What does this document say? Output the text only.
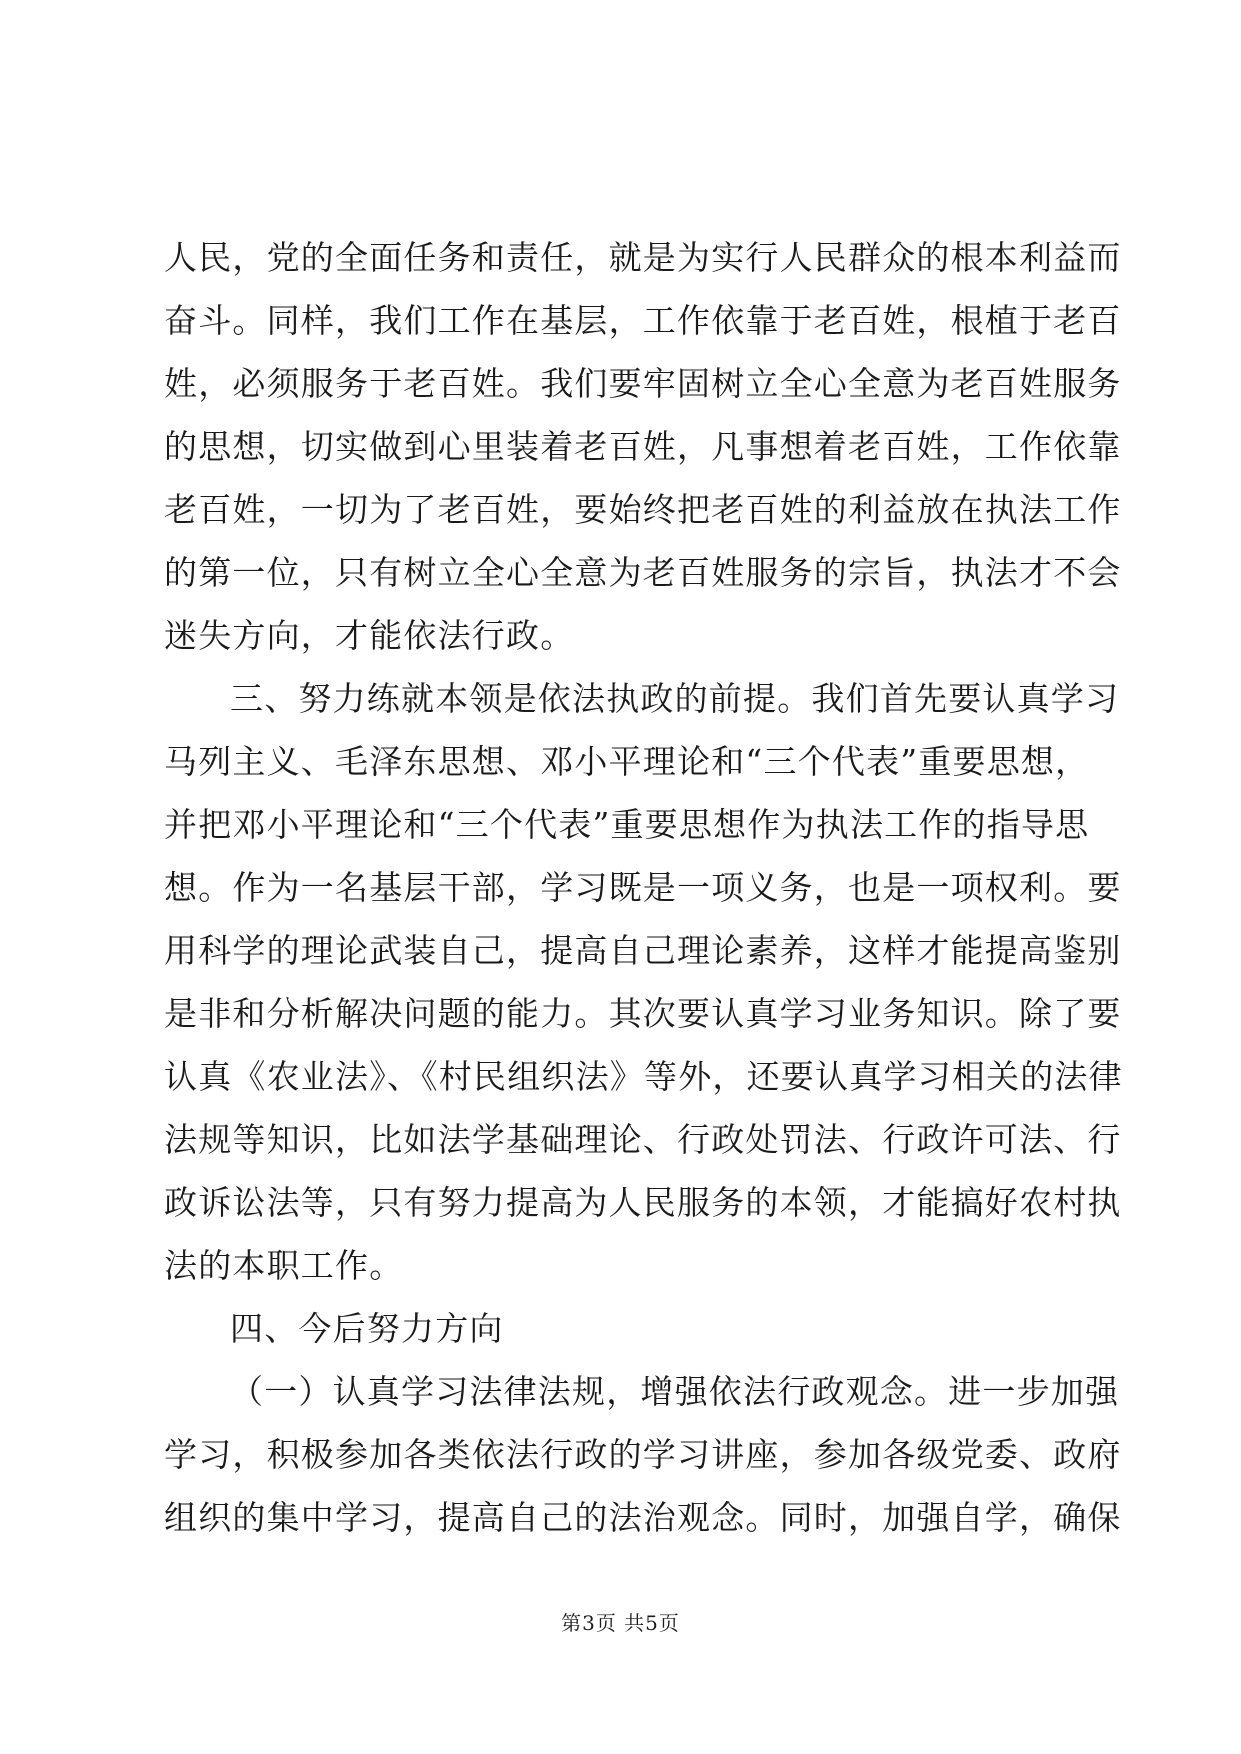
人民，党的全面任务和责任，就是为实行人民群众的根本利益而
奋斗。同样，我们工作在基层，工作依靠于老百姓，根植于老百
姓，必须服务于老百姓。我们要牢固树立全心全意为老百姓服务
的思想，切实做到心里装着老百姓，凡事想着老百姓，工作依靠
老百姓，一切为了老百姓，要始终把老百姓的利益放在执法工作
的第一位，只有树立全心全意为老百姓服务的宗旨，执法才不会
迷失方向，才能依法行政。
三、努力练就本领是依法执政的前提。我们首先要认真学习
马列主义、毛泽东思想、邓小平理论和“三个代表”重要思想，
并把邓小平理论和“三个代表”重要思想作为执法工作的指导思
想。作为一名基层干部，学习既是一项义务，也是一项权利。要
用科学的理论武装自己，提高自己理论素养，这样才能提高鉴别
是非和分析解决问题的能力。其次要认真学习业务知识。除了要
认真《农业法》、《村民组织法》等外，还要认真学习相关的法律
法规等知识，比如法学基础理论、行政处罚法、行政许可法、行
政诉讼法等，只有努力提高为人民服务的本领，才能搞好农村执
法的本职工作。
四、今后努力方向
（一）认真学习法律法规，增强依法行政观念。进一步加强
学习，积极参加各类依法行政的学习讲座，参加各级党委、政府
组织的集中学习，提高自己的法治观念。同时，加强自学，确保
第3页 共5页
